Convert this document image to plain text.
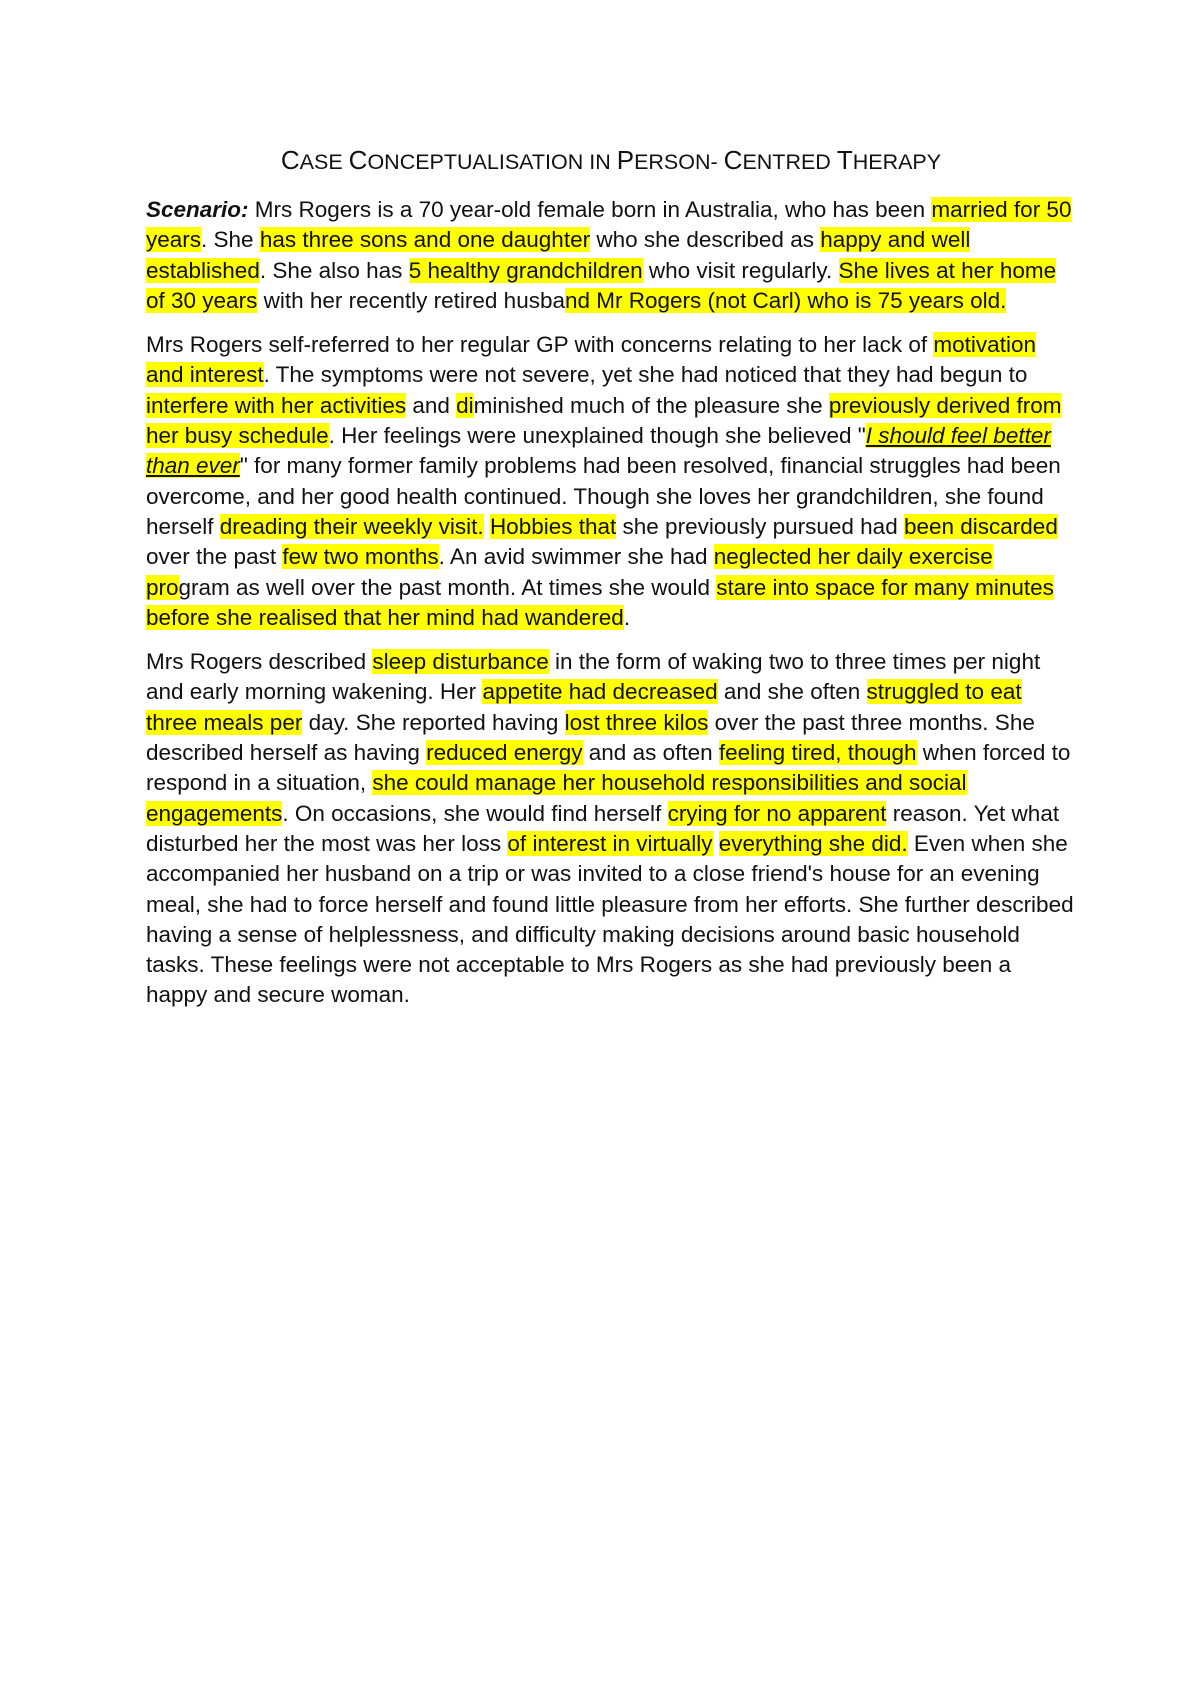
CASE CONCEPTUALISATION IN PERSON- CENTRED THERAPY

Scenario: Mrs Rogers is a 70 year-old female born in Australia, who has been married for 50 years. She has three sons and one daughter who she described as happy and well established. She also has 5 healthy grandchildren who visit regularly. She lives at her home of 30 years with her recently retired husband Mr Rogers (not Carl) who is 75 years old.

Mrs Rogers self-referred to her regular GP with concerns relating to her lack of motivation and interest. The symptoms were not severe, yet she had noticed that they had begun to interfere with her activities and diminished much of the pleasure she previously derived from her busy schedule. Her feelings were unexplained though she believed "I should feel better than ever" for many former family problems had been resolved, financial struggles had been overcome, and her good health continued. Though she loves her grandchildren, she found herself dreading their weekly visit. Hobbies that she previously pursued had been discarded over the past few two months. An avid swimmer she had neglected her daily exercise program as well over the past month. At times she would stare into space for many minutes before she realised that her mind had wandered.

Mrs Rogers described sleep disturbance in the form of waking two to three times per night and early morning wakening. Her appetite had decreased and she often struggled to eat three meals per day. She reported having lost three kilos over the past three months. She described herself as having reduced energy and as often feeling tired, though when forced to respond in a situation, she could manage her household responsibilities and social engagements. On occasions, she would find herself crying for no apparent reason. Yet what disturbed her the most was her loss of interest in virtually everything she did. Even when she accompanied her husband on a trip or was invited to a close friend's house for an evening meal, she had to force herself and found little pleasure from her efforts. She further described having a sense of helplessness, and difficulty making decisions around basic household tasks. These feelings were not acceptable to Mrs Rogers as she had previously been a happy and secure woman.
